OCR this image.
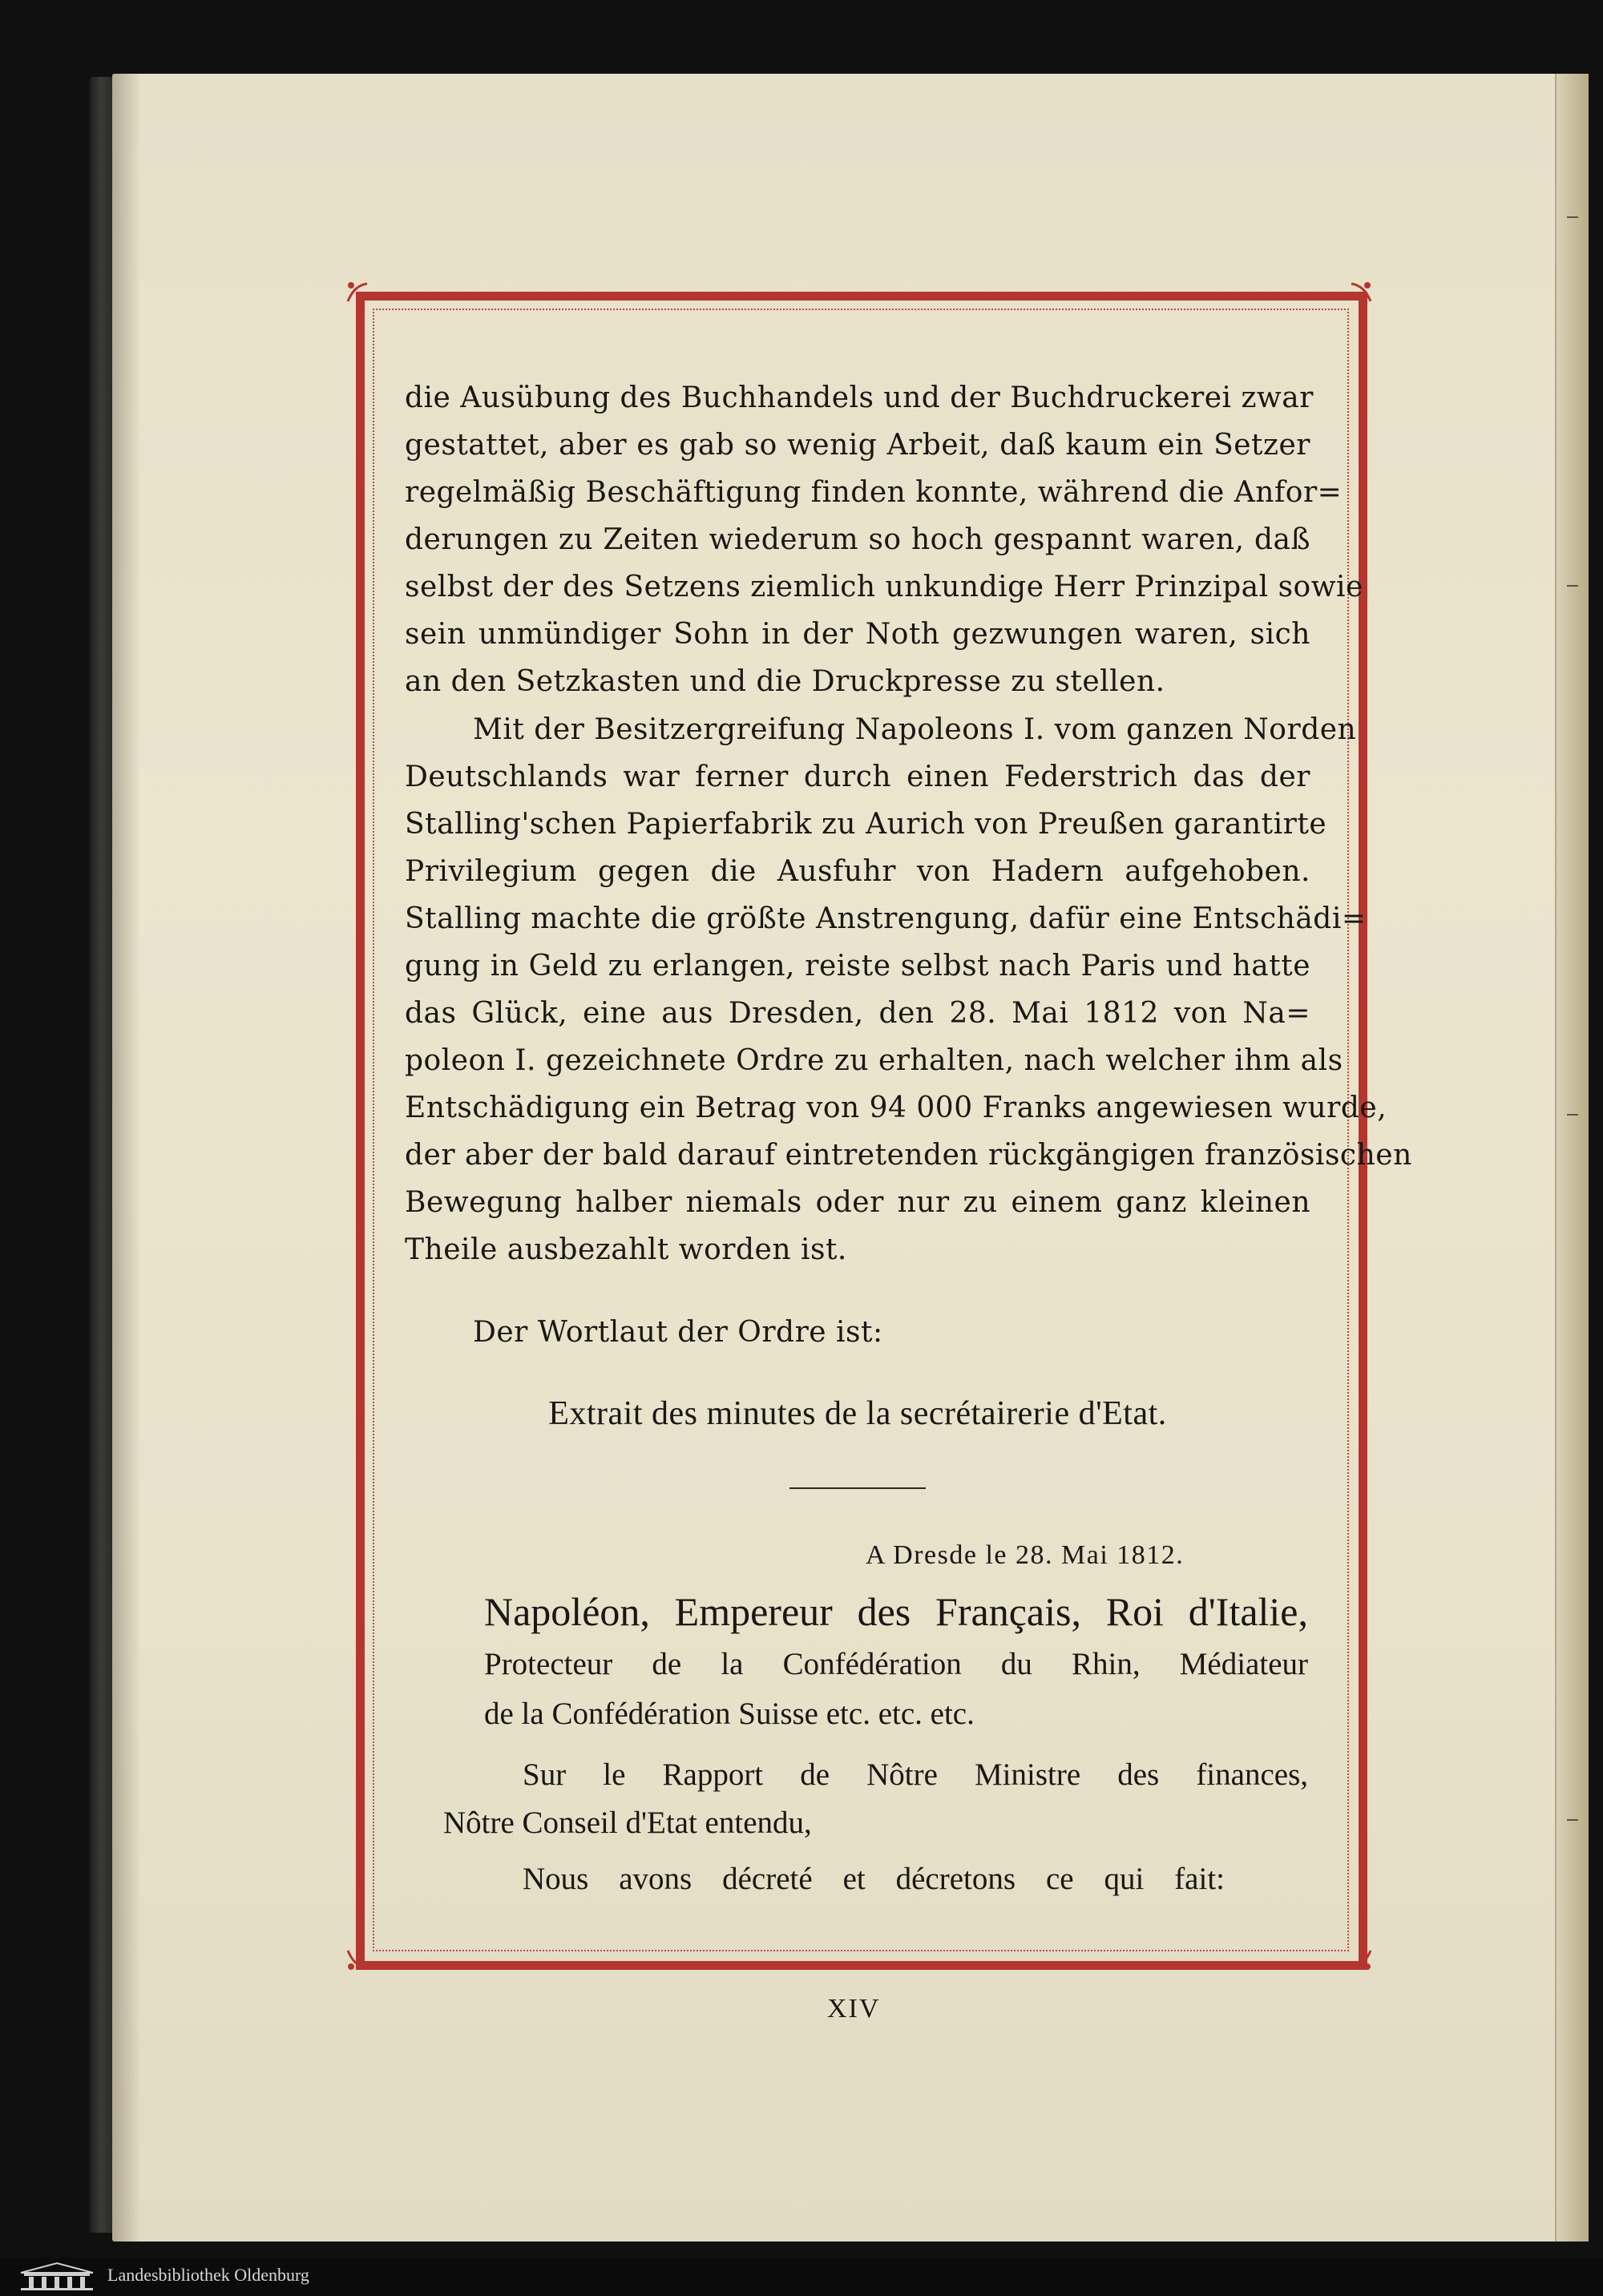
die Ausübung des Buchhandels und der Buchdruckerei zwar
gestattet, aber es gab so wenig Arbeit, daß kaum ein Setzer
regelmäßig Beschäftigung finden konnte, während die Anfor=
derungen zu Zeiten wiederum so hoch gespannt waren, daß
selbst der des Setzens ziemlich unkundige Herr Prinzipal sowie
sein unmündiger Sohn in der Noth gezwungen waren, sich
an den Setzkasten und die Druckpresse zu stellen.
Mit der Besitzergreifung Napoleons I. vom ganzen Norden
Deutschlands war ferner durch einen Federstrich das der
Stalling'schen Papierfabrik zu Aurich von Preußen garantirte
Privilegium gegen die Ausfuhr von Hadern aufgehoben.
Stalling machte die größte Anstrengung, dafür eine Entschädi=
gung in Geld zu erlangen, reiste selbst nach Paris und hatte
das Glück, eine aus Dresden, den 28. Mai 1812 von Na=
poleon I. gezeichnete Ordre zu erhalten, nach welcher ihm als
Entschädigung ein Betrag von 94 000 Franks angewiesen wurde,
der aber der bald darauf eintretenden rückgängigen französischen
Bewegung halber niemals oder nur zu einem ganz kleinen
Theile ausbezahlt worden ist.
Der Wortlaut der Ordre ist:
Extrait des minutes de la secrétairerie d'Etat.
A Dresde le 28. Mai 1812.
Napoléon, Empereur des Français, Roi d'Italie,
Protecteur de la Confédération du Rhin, Médiateur
de la Confédération Suisse etc. etc. etc.
Sur le Rapport de Nôtre Ministre des finances,
Nôtre Conseil d'Etat entendu,
Nous avons décreté et décretons ce qui fait:
XIV
Landesbibliothek Oldenburg
